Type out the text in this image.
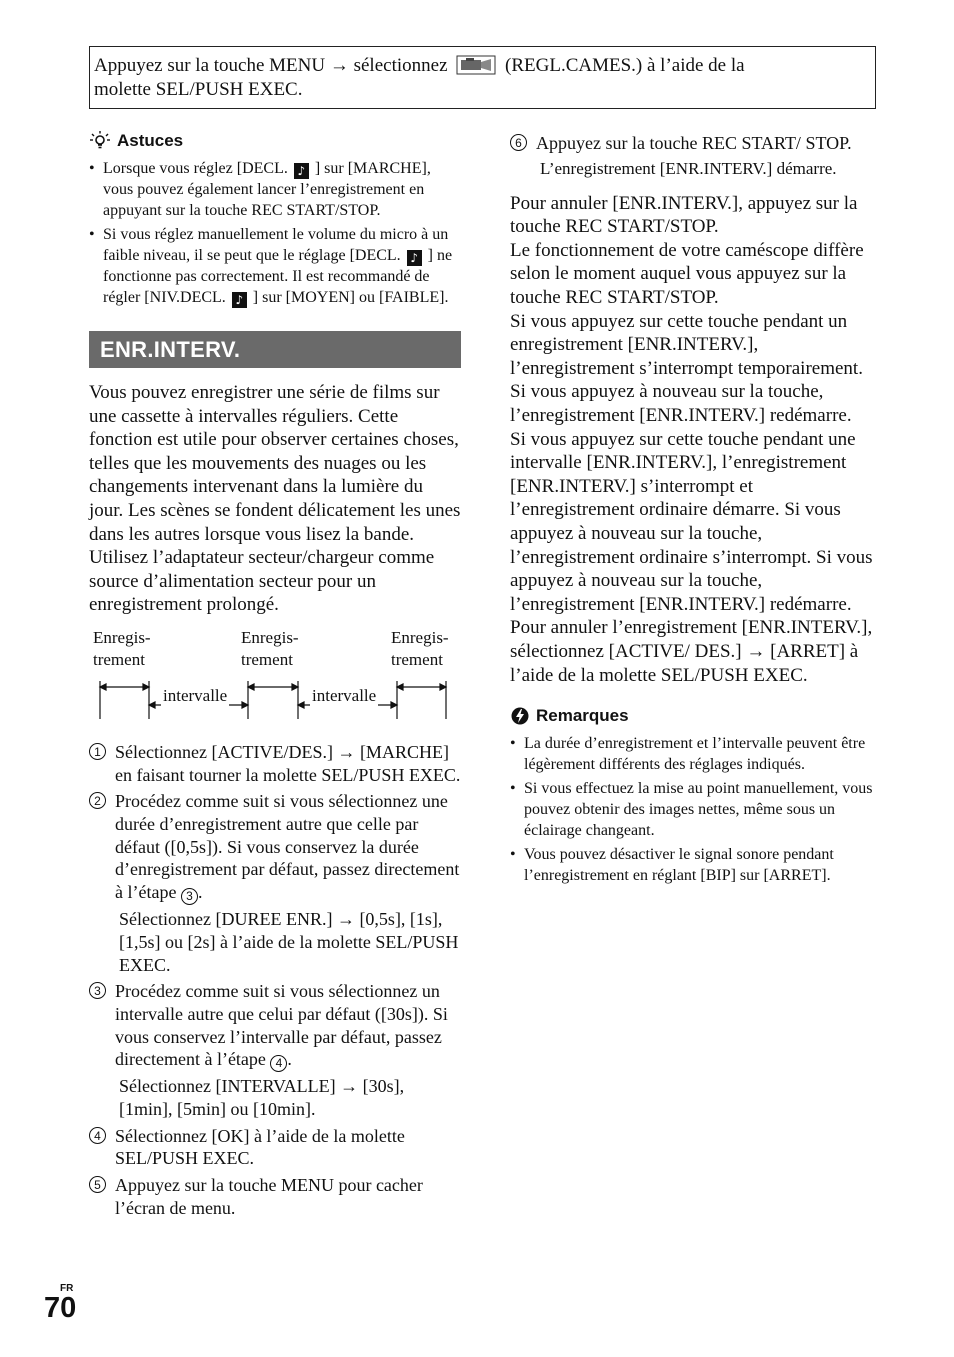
Appuyez sur la touche MENU → sélectionnez	(REGL.CAMES.) à l’aide de la
molette SEL/PUSH EXEC.
Astuces
• Lorsque vous réglez [DECL. ♪ ] sur [MARCHE], vous pouvez également lancer l’enregistrement en appuyant sur la touche REC START/STOP.
• Si vous réglez manuellement le volume du micro à un faible niveau, il se peut que le réglage [DECL. ♪ ] ne fonctionne pas correctement. Il est recommandé de régler [NIV.DECL. ♪ ] sur [MOYEN] ou [FAIBLE].
ENR.INTERV.

Vous pouvez enregistrer une série de films sur une cassette à intervalles réguliers. Cette fonction est utile pour observer certaines choses, telles que les mouvements des nuages ou les changements intervenant dans la lumière du jour. Les scènes se fondent délicatement les unes dans les autres lorsque vous lisez la bande. Utilisez l’adaptateur secteur/chargeur comme source d’alimentation secteur pour un enregistrement prolongé.

Enregis-
trement
Enregis-
trement
Enregis-
trement
intervalle	intervalle
1 Sélectionnez [ACTIVE/DES.] → [MARCHE] en faisant tourner la molette SEL/PUSH EXEC.
2 Procédez comme suit si vous sélectionnez une durée d’enregistrement autre que celle par défaut ([0,5s]). Si vous conservez la durée d’enregistrement par défaut, passez directement à l’étape 3 .
Sélectionnez [DUREE ENR.] → [0,5s], [1s], [1,5s] ou [2s] à l’aide de la molette SEL/PUSH EXEC.
3 Procédez comme suit si vous sélectionnez un intervalle autre que celui par défaut ([30s]). Si vous conservez l’intervalle par défaut, passez directement à l’étape 4 .
Sélectionnez [INTERVALLE] → [30s], [1min], [5min] ou [10min].
4 Sélectionnez [OK] à l’aide de la molette SEL/PUSH EXEC.
5 Appuyez sur la touche MENU pour cacher l’écran de menu.
6 Appuyez sur la touche REC START/ STOP.
L’enregistrement [ENR.INTERV.] démarre.

Pour annuler [ENR.INTERV.], appuyez sur la touche REC START/STOP.
Le fonctionnement de votre caméscope diffère selon le moment auquel vous appuyez sur la touche REC START/STOP.
Si vous appuyez sur cette touche pendant un enregistrement [ENR.INTERV.], l’enregistrement s’interrompt temporairement. Si vous appuyez à nouveau sur la touche, l’enregistrement [ENR.INTERV.] redémarre.
Si vous appuyez sur cette touche pendant une intervalle [ENR.INTERV.], l’enregistrement [ENR.INTERV.] s’interrompt et l’enregistrement ordinaire démarre. Si vous appuyez à nouveau sur la touche, l’enregistrement ordinaire s’interrompt. Si vous appuyez à nouveau sur la touche, l’enregistrement [ENR.INTERV.] redémarre.
Pour annuler l’enregistrement [ENR.INTERV.], sélectionnez [ACTIVE/ DES.] → [ARRET] à l’aide de la molette SEL/PUSH EXEC.

Remarques
• La durée d’enregistrement et l’intervalle peuvent être légèrement différents des réglages indiqués.
• Si vous effectuez la mise au point manuellement, vous pouvez obtenir des images nettes, même sous un éclairage changeant.
• Vous pouvez désactiver le signal sonore pendant l’enregistrement en réglant [BIP] sur [ARRET].
FR
70
